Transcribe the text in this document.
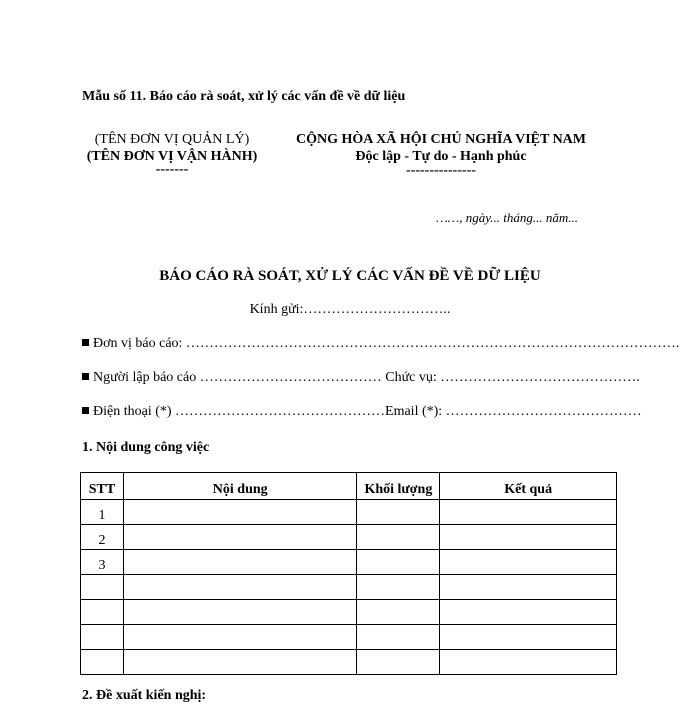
Mẫu số 11. Báo cáo rà soát, xử lý các vấn đề về dữ liệu
(TÊN ĐƠN VỊ QUẢN LÝ)
(TÊN ĐƠN VỊ VẬN HÀNH)
-------
CỘNG HÒA XÃ HỘI CHỦ NGHĨA VIỆT NAM
Độc lập - Tự do - Hạnh phúc
---------------
……, ngày... tháng... năm...
BÁO CÁO RÀ SOÁT, XỬ LÝ CÁC VẤN ĐỀ VỀ DỮ LIỆU
Kính gửi:…………………………..
Đơn vị báo cáo: …………………………………………………………………………………………….
Người lập báo cáo ………………………………… Chức vụ: …………………………………….
Điện thoại (*) ………………………………………Email (*): ……………………………………
1. Nội dung công việc
STT	Nội dung	Khối lượng	Kết quả
1			
2			
3			

2. Đề xuất kiến nghị:
